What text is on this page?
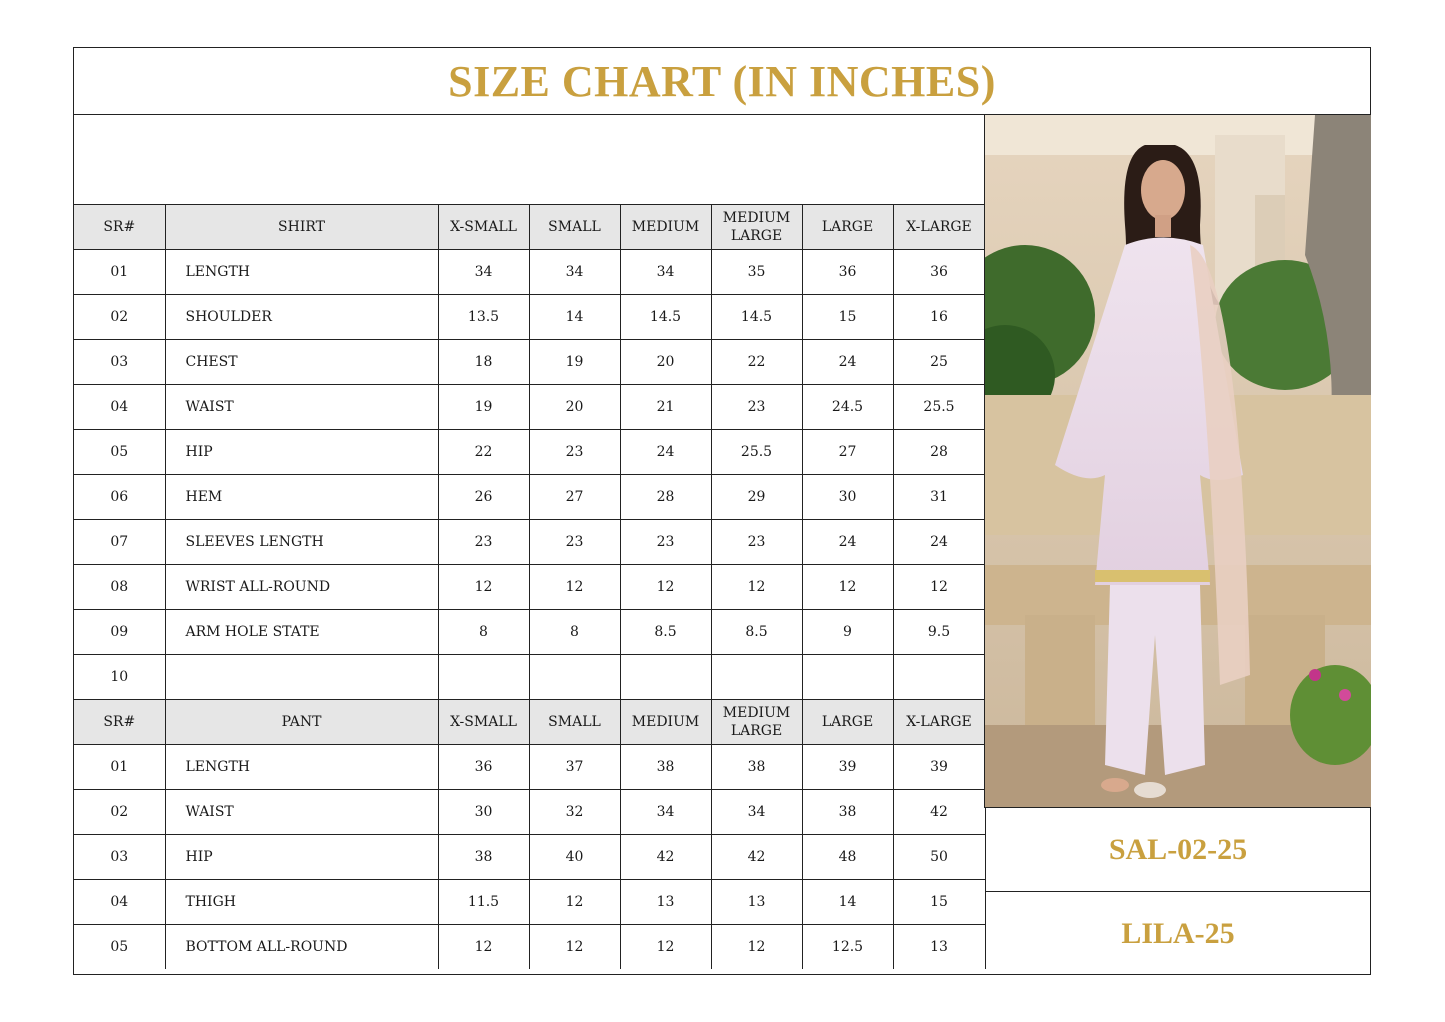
SIZE CHART (IN INCHES)
SR#	SHIRT	X-SMALL	SMALL	MEDIUM	MEDIUM LARGE	LARGE	X-LARGE
01	LENGTH	34	34	34	35	36	36
02	SHOULDER	13.5	14	14.5	14.5	15	16
03	CHEST	18	19	20	22	24	25
04	WAIST	19	20	21	23	24.5	25.5
05	HIP	22	23	24	25.5	27	28
06	HEM	26	27	28	29	30	31
07	SLEEVES LENGTH	23	23	23	23	24	24
08	WRIST ALL-ROUND	12	12	12	12	12	12
09	ARM HOLE STATE	8	8	8.5	8.5	9	9.5
10							
SR#	PANT	X-SMALL	SMALL	MEDIUM	MEDIUM LARGE	LARGE	X-LARGE
01	LENGTH	36	37	38	38	39	39
02	WAIST	30	32	34	34	38	42
03	HIP	38	40	42	42	48	50
04	THIGH	11.5	12	13	13	14	15
05	BOTTOM ALL-ROUND	12	12	12	12	12.5	13
SAL-02-25
LILA-25
